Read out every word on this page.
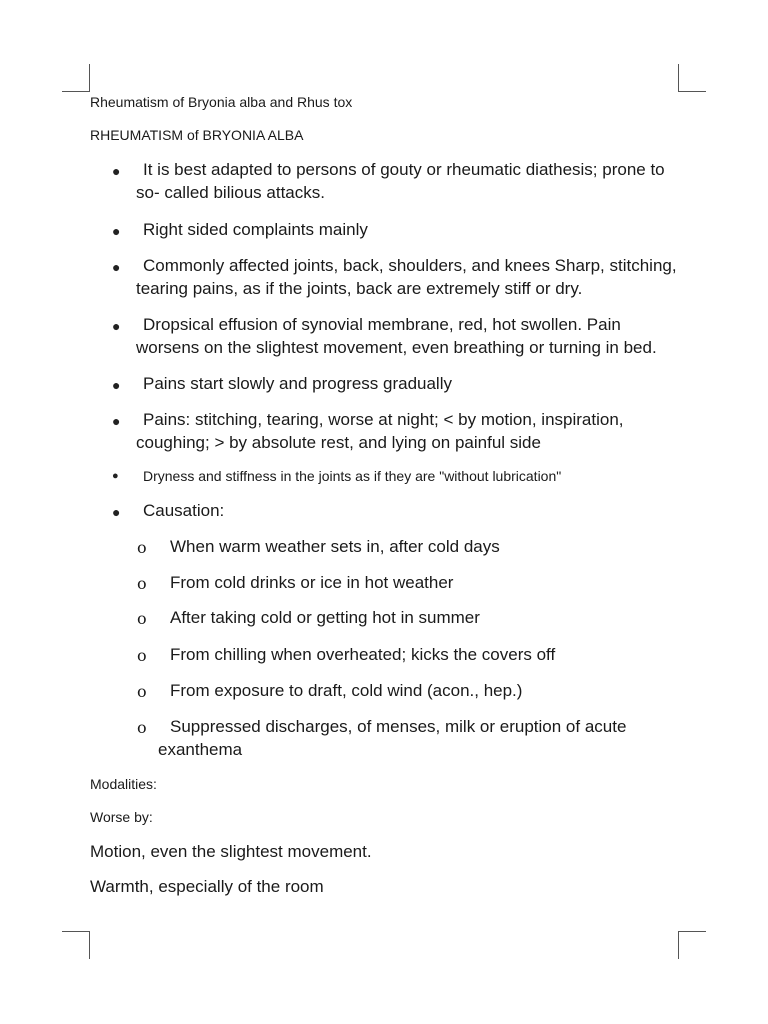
Rheumatism of Bryonia alba and Rhus tox
RHEUMATISM of BRYONIA ALBA
● It is best adapted to persons of gouty or rheumatic diathesis; prone to
so- called bilious attacks.
● Right sided complaints mainly
● Commonly affected joints, back, shoulders, and knees Sharp, stitching,
tearing pains, as if the joints, back are extremely stiff or dry.
● Dropsical effusion of synovial membrane, red, hot swollen. Pain
worsens on the slightest movement, even breathing or turning in bed.
● Pains start slowly and progress gradually
● Pains: stitching, tearing, worse at night; < by motion, inspiration,
coughing; > by absolute rest, and lying on painful side
● Dryness and stiffness in the joints as if they are "without lubrication"
● Causation:
o When warm weather sets in, after cold days
o From cold drinks or ice in hot weather
o After taking cold or getting hot in summer
o From chilling when overheated; kicks the covers off
o From exposure to draft, cold wind (acon., hep.)
o Suppressed discharges, of menses, milk or eruption of acute
exanthema
Modalities:
Worse by:
Motion, even the slightest movement.
Warmth, especially of the room
